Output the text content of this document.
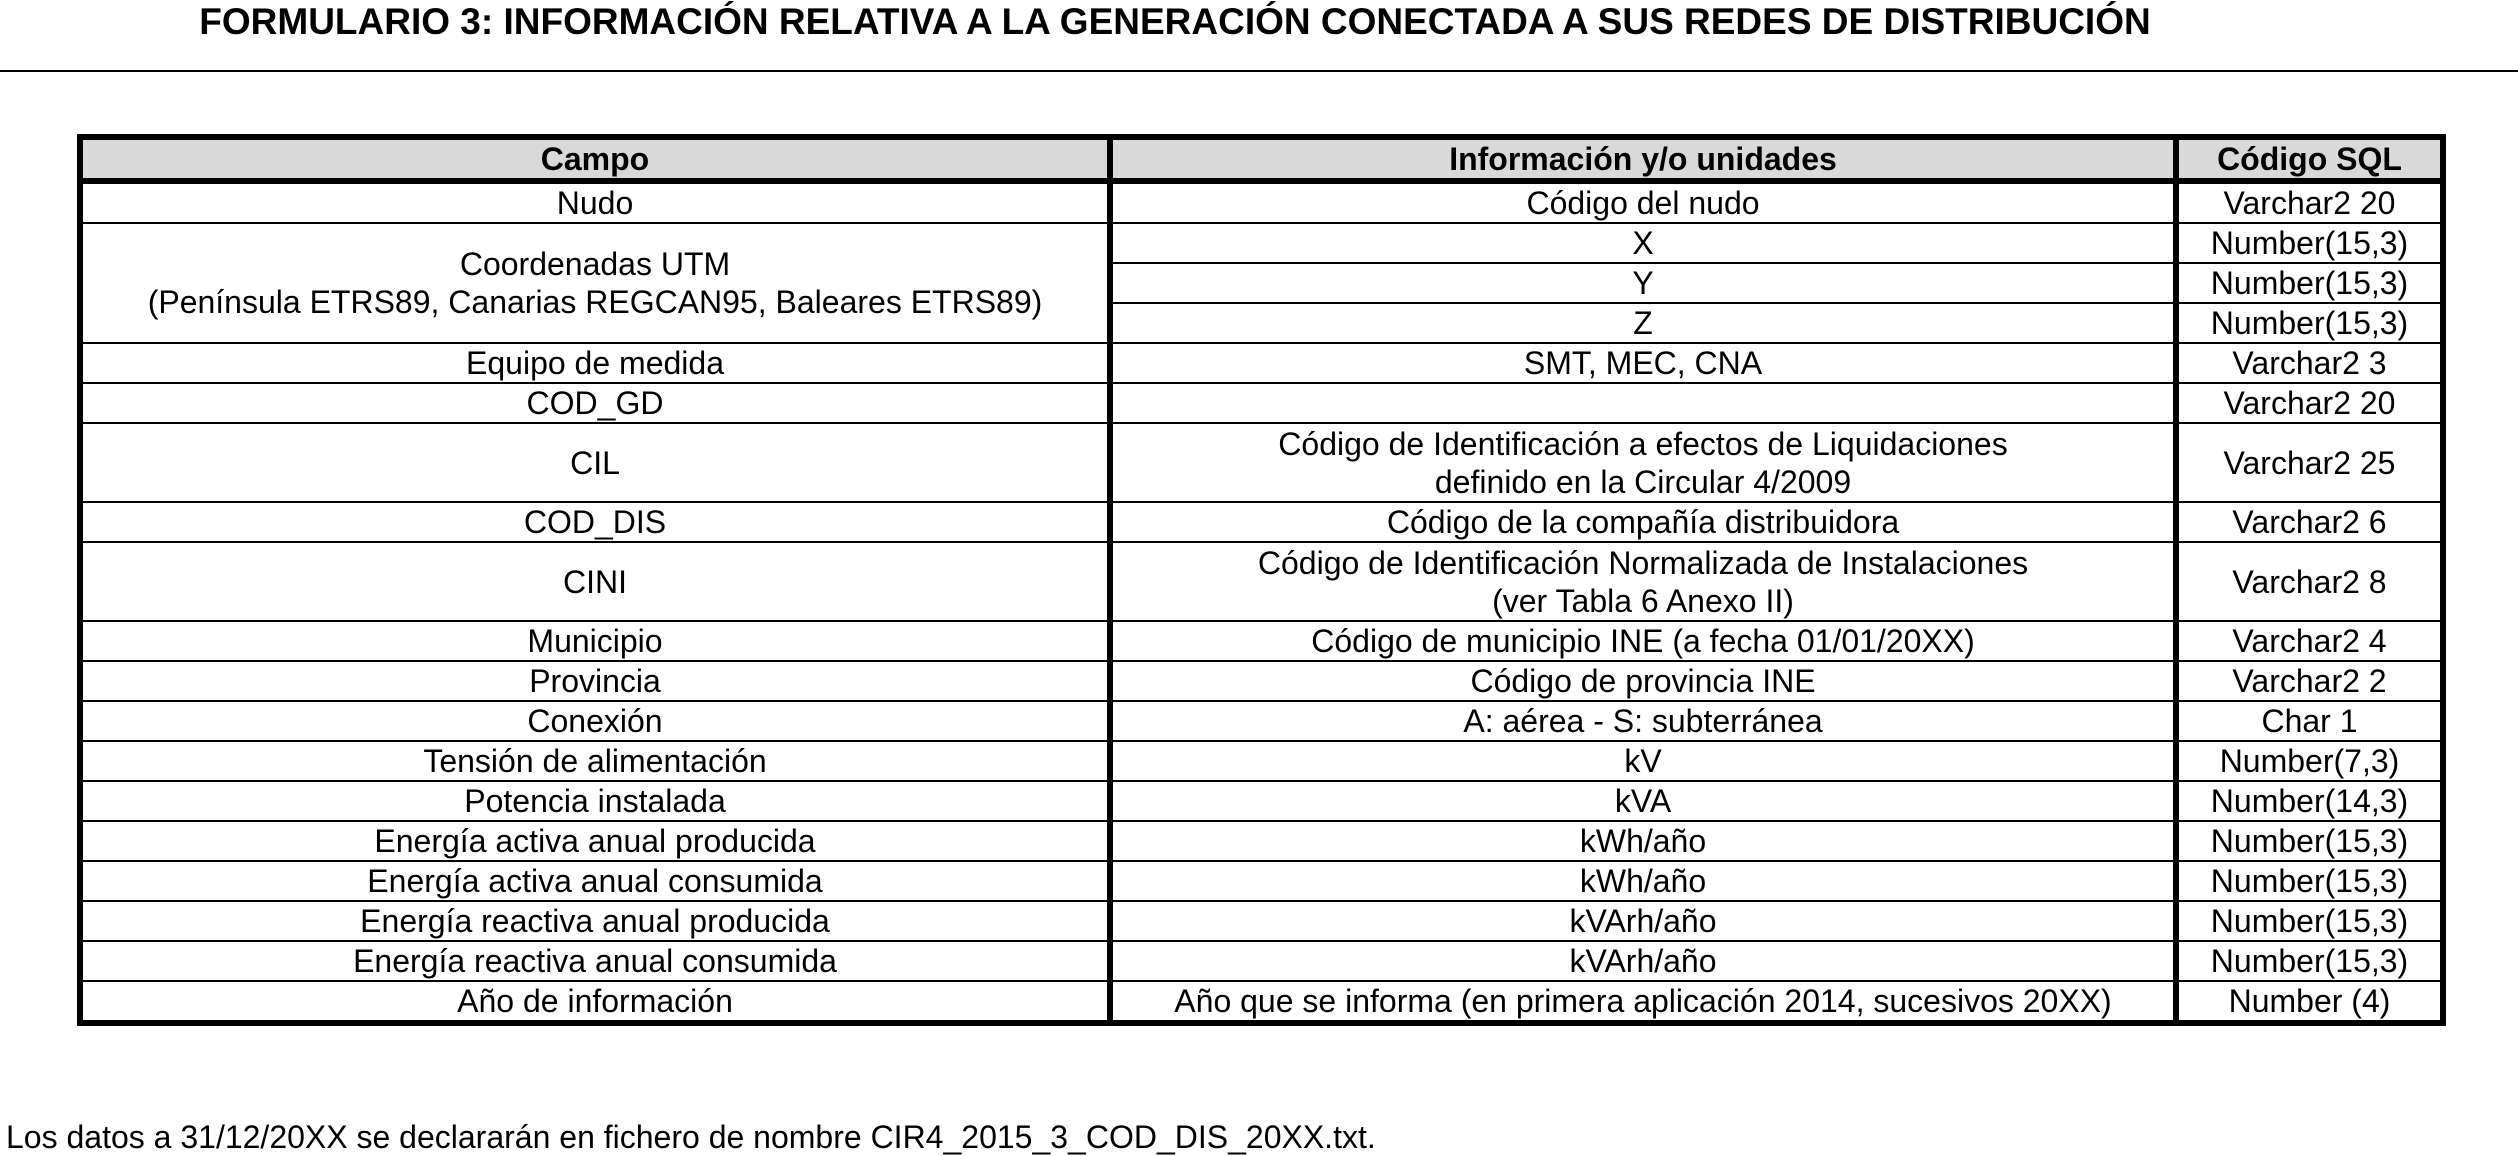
FORMULARIO 3: INFORMACIÓN RELATIVA A LA GENERACIÓN CONECTADA A SUS REDES DE DISTRIBUCIÓN
Campo	Información y/o unidades	Código SQL
Nudo	Código del nudo	Varchar2 20

Coordenadas UTM
(Península ETRS89, Canarias REGCAN95, Baleares ETRS89)	X	Number(15,3)
	Y	Number(15,3)
	Z	Number(15,3)
Equipo de medida	SMT, MEC, CNA	Varchar2 3
COD_GD		Varchar2 20
CIL	Código de Identificación a efectos de Liquidaciones
definido en la Circular 4/2009	Varchar2 25
COD_DIS	Código de la compañía distribuidora	Varchar2 6
CINI	Código de Identificación Normalizada de Instalaciones
(ver Tabla 6 Anexo II)	Varchar2 8
Municipio	Código de municipio INE (a fecha 01/01/20XX)	Varchar2 4
Provincia	Código de provincia INE	Varchar2 2
Conexión	A: aérea - S: subterránea	Char 1
Tensión de alimentación	kV	Number(7,3)
Potencia instalada	kVA	Number(14,3)
Energía activa anual producida	kWh/año	Number(15,3)
Energía activa anual consumida	kWh/año	Number(15,3)
Energía reactiva anual producida	kVArh/año	Number(15,3)
Energía reactiva anual consumida	kVArh/año	Number(15,3)
Año de información	Año que se informa (en primera aplicación 2014, sucesivos 20XX)	Number (4)
Los datos a 31/12/20XX se declararán en fichero de nombre CIR4_2015_3_COD_DIS_20XX.txt.
